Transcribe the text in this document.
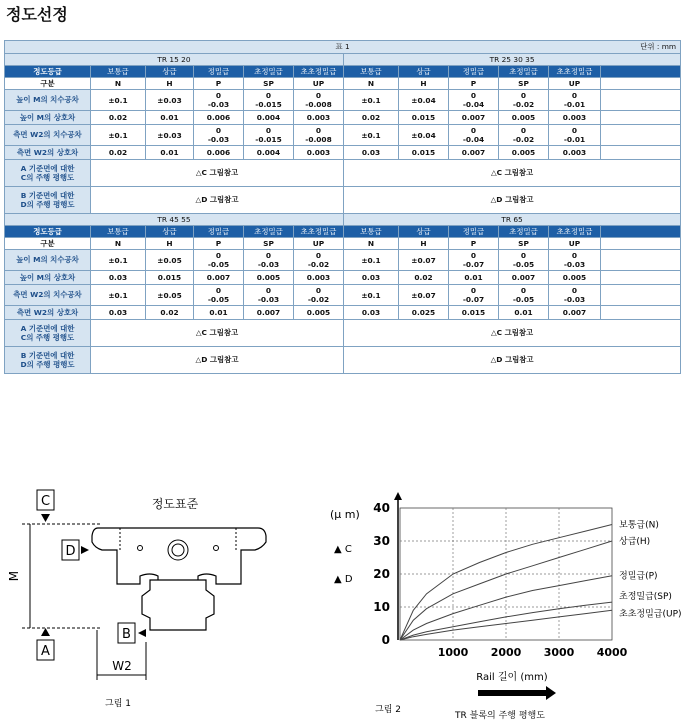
정도선정
단위 : mm
표 1											
TR 15 20						TR 25 30 35					
정도등급	보통급	상급	정밀급	초정밀급	초초정밀급	보통급	상급	정밀급	초정밀급	초초정밀급	
구분	N	H	P	SP	UP	N	H	P	SP	UP	
높이 M의 치수공차	±0.1	±0.03	0
-0.03	0
-0.015	0
-0.008	±0.1	±0.04	0
-0.04	0
-0.02	0
-0.01	

높이 M의 상호차	0.02	0.01	0.006	0.004	0.003	0.02	0.015	0.007	0.005	0.003	

측면 W2의 치수공차	±0.1	±0.03	0
-0.03	0
-0.015	0
-0.008	±0.1	±0.04	0
-0.04	0
-0.02	0
-0.01	

측면 W2의 상호차	0.02	0.01	0.006	0.004	0.003	0.03	0.015	0.007	0.005	0.003	

A 기준면에 대한
C의 주행 평행도	△C 그림참고					△C 그림참고					

B 기준면에 대한
D의 주행 평행도	△D 그림참고					△D 그림참고					
TR 45 55						TR 65					
정도등급	보통급	상급	정밀급	초정밀급	초초정밀급	보통급	상급	정밀급	초정밀급	초초정밀급	
구분	N	H	P	SP	UP	N	H	P	SP	UP	
높이 M의 치수공차	±0.1	±0.05	0
-0.05	0
-0.03	0
-0.02	±0.1	±0.07	0
-0.07	0
-0.05	0
-0.03	

높이 M의 상호차	0.03	0.015	0.007	0.005	0.003	0.03	0.02	0.01	0.007	0.005	

측면 W2의 치수공차	±0.1	±0.05	0
-0.05	0
-0.03	0
-0.02	±0.1	±0.07	0
-0.07	0
-0.05	0
-0.03	

측면 W2의 상호차	0.03	0.02	0.01	0.007	0.005	0.03	0.025	0.015	0.01	0.007	

A 기준면에 대한
C의 주행 평행도	△C 그림참고					△C 그림참고					

B 기준면에 대한
D의 주행 평행도	△D 그림참고					△D 그림참고					
C
D
A
B
M
W2
정도표준
그림 1
(μ m)
▲ C
▲ D
0
10
20
30
40
1000 2000 3000 4000
보통급(N)
상급(H)
정밀급(P)
초정밀급(SP)
초초정밀급(UP)
Rail 길이 (mm)
그림 2
TR 블록의 주행 평행도
